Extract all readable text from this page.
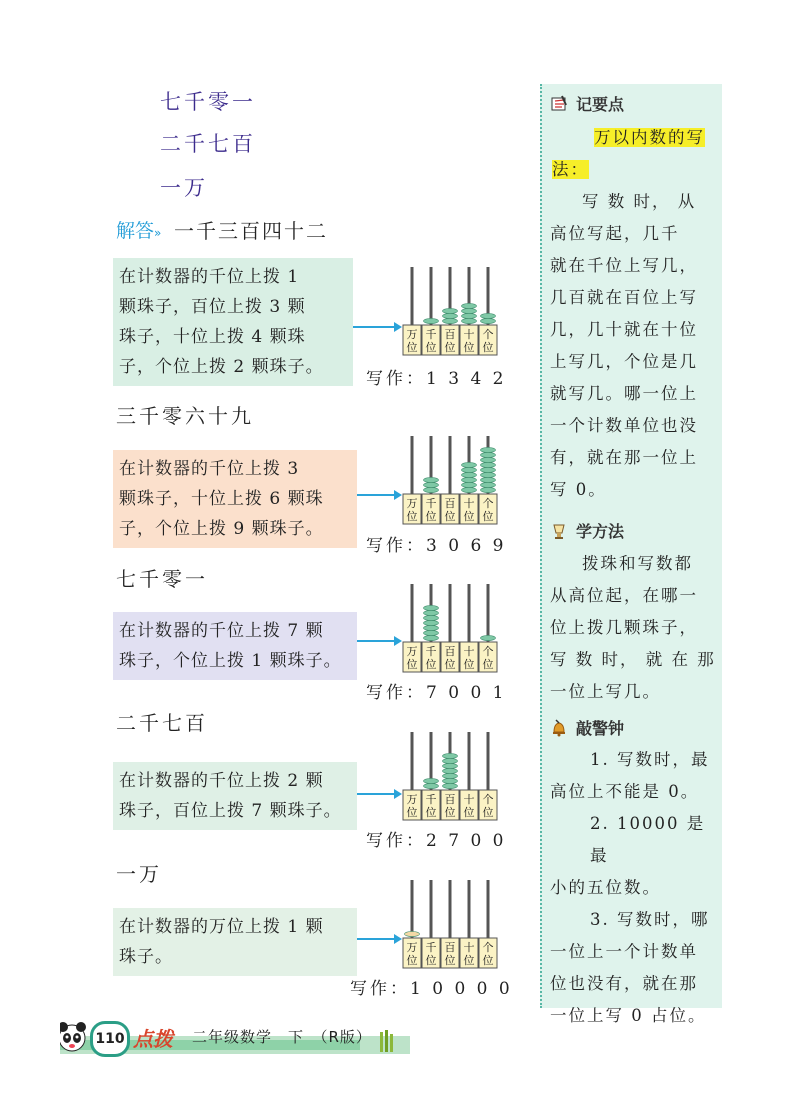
七千零一
二千七百
一万
解答» 一千三百四十二
在计数器的千位上拨 1
颗珠子，百位上拨 3 颗
珠子，十位上拨 4 颗珠
子，个位上拨 2 颗珠子。
万
位
千
位
百
位
十
位
个
位
写作：1 3 4 2
三千零六十九
在计数器的千位上拨 3
颗珠子，十位上拨 6 颗珠
子，个位上拨 9 颗珠子。
万
位
千
位
百
位
十
位
个
位
写作：3 0 6 9
七千零一
在计数器的千位上拨 7 颗
珠子，个位上拨 1 颗珠子。	万
位
千
位
百
位
十
位
个
位
写作：7 0 0 1
二千七百
在计数器的千位上拨 2 颗
珠子，百位上拨 7 颗珠子。
万
位
千
位
百
位
十
位
个
位
写作：2 7 0 0
一万
在计数器的万位上拨 1 颗
珠子。	万
位
千
位
百
位
十
位
个
位
写作：1 0 0 0 0
记要点
万以内数的写
法：
写 数 时， 从
高位写起，几千
就在千位上写几，
几百就在百位上写
几，几十就在十位
上写几，个位是几
就写几。哪一位上
一个计数单位也没
有，就在那一位上
写 0。
学方法
拨珠和写数都
从高位起，在哪一
位上拨几颗珠子，
写 数 时， 就 在 那
一位上写几。
敲警钟
1. 写数时，最
高位上不能是 0。
2. 10000 是最
小的五位数。
3. 写数时，哪
一位上一个计数单
位也没有，就在那
一位上写 0 占位。
110 点拨 二年级数学　下　（R版）
